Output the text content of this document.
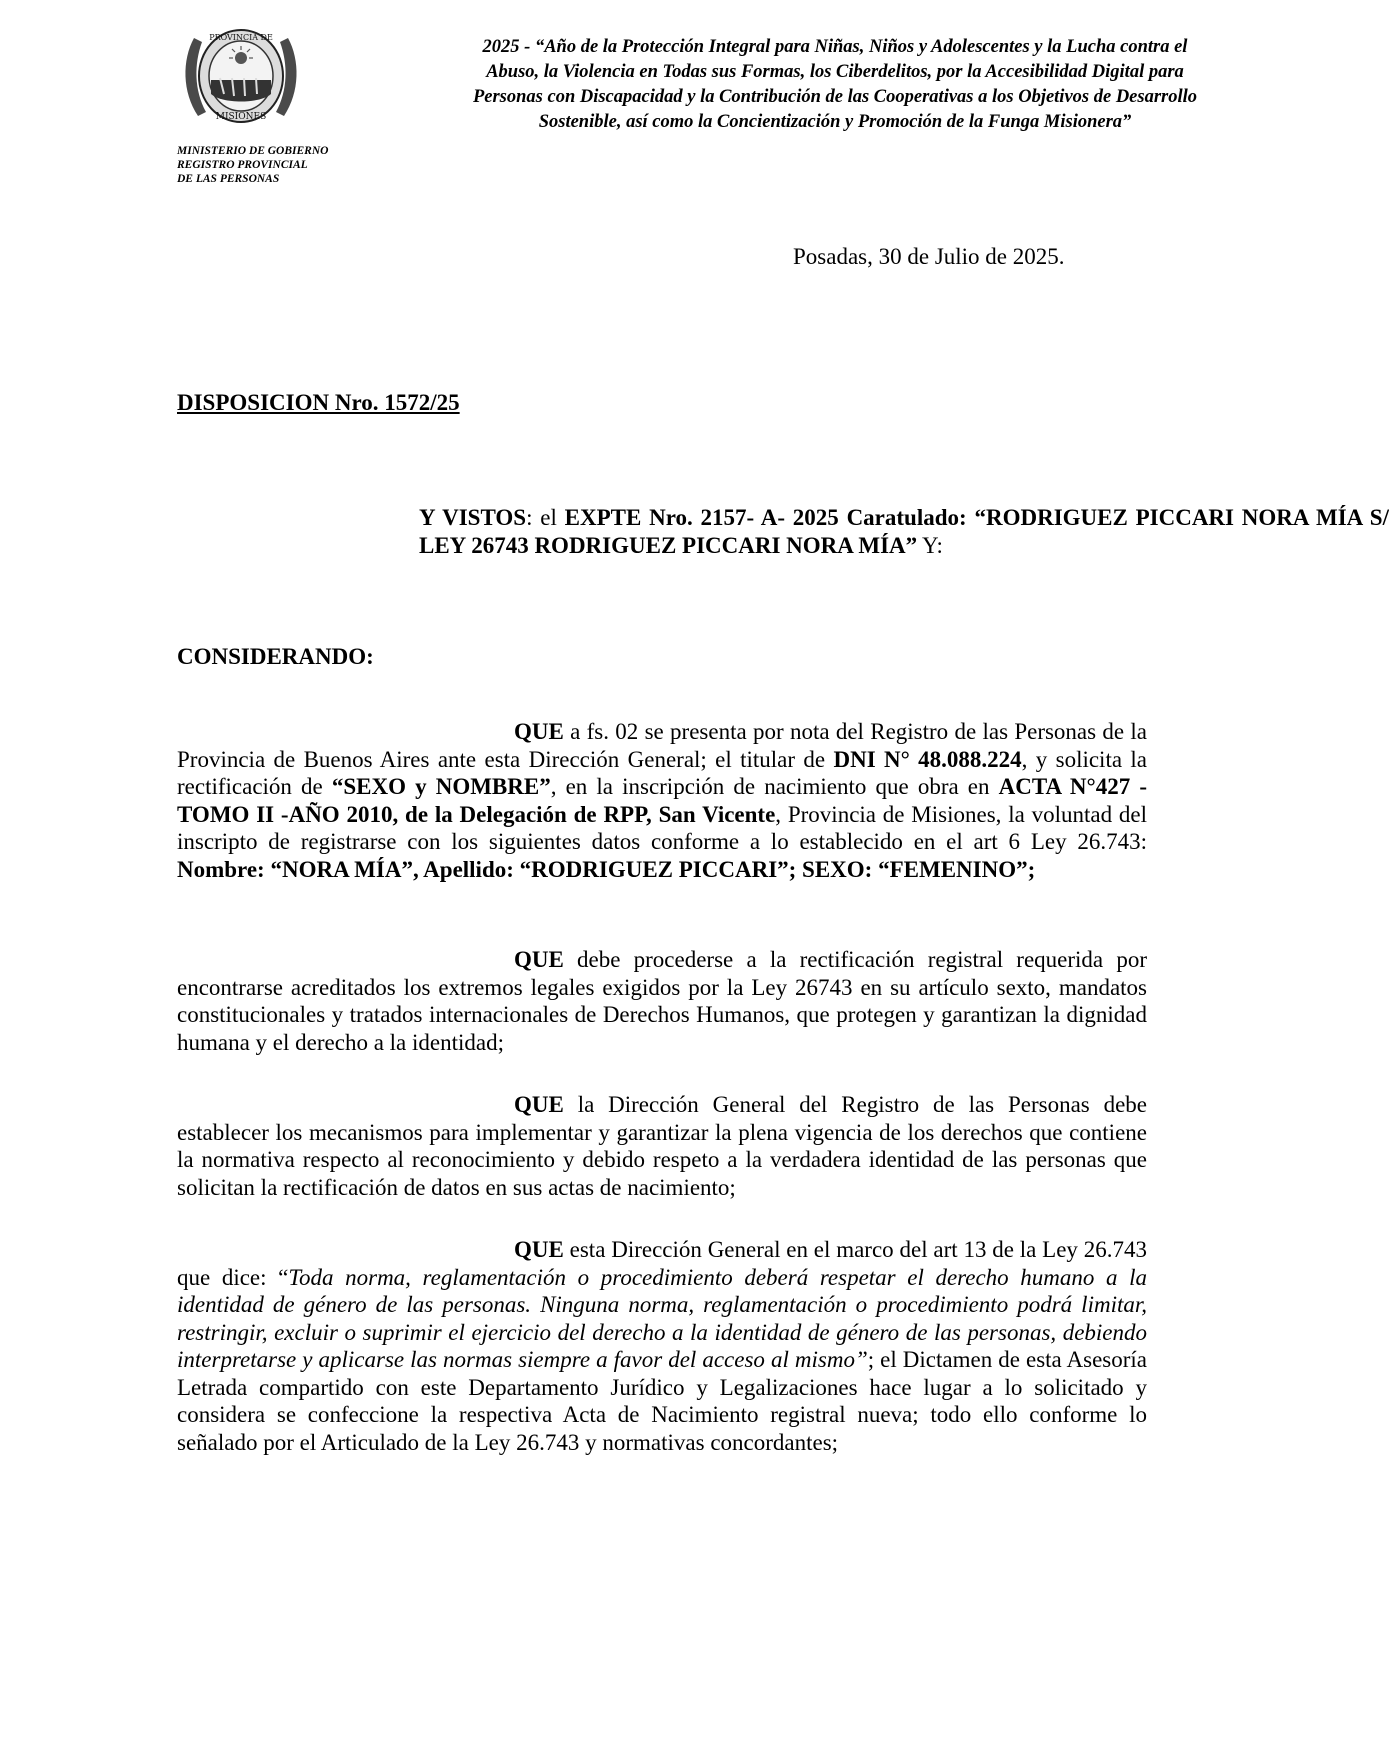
PROVINCIA DE
MISIONES
MINISTERIO DE GOBIERNO
REGISTRO PROVINCIAL
DE LAS PERSONAS
2025 - “Año de la Protección Integral para Niñas, Niños y Adolescentes y la Lucha contra el Abuso, la Violencia en Todas sus Formas, los Ciberdelitos, por la Accesibilidad Digital para Personas con Discapacidad y la Contribución de las Cooperativas a los Objetivos de Desarrollo Sostenible, así como la Concientización y Promoción de la Funga Misionera”
Posadas, 30 de Julio de 2025.
DISPOSICION Nro. 1572/25
Y VISTOS: el EXPTE Nro. 2157- A- 2025 Caratulado: “RODRIGUEZ PICCARI NORA MÍA S/ LEY 26743 RODRIGUEZ PICCARI NORA MÍA” Y:
CONSIDERANDO:
QUE a fs. 02 se presenta por nota del Registro de las Personas de la Provincia de Buenos Aires ante esta Dirección General; el titular de DNI N° 48.088.224, y solicita la rectificación de “SEXO y NOMBRE”, en la inscripción de nacimiento que obra en ACTA N°427 - TOMO II -AÑO 2010, de la Delegación de RPP, San Vicente, Provincia de Misiones, la voluntad del inscripto de registrarse con los siguientes datos conforme a lo establecido en el art 6 Ley 26.743: Nombre: “NORA MÍA”, Apellido: “RODRIGUEZ PICCARI”; SEXO: “FEMENINO”;
QUE debe procederse a la rectificación registral requerida por encontrarse acreditados los extremos legales exigidos por la Ley 26743 en su artículo sexto, mandatos constitucionales y tratados internacionales de Derechos Humanos, que protegen y garantizan la dignidad humana y el derecho a la identidad;
QUE la Dirección General del Registro de las Personas debe establecer los mecanismos para implementar y garantizar la plena vigencia de los derechos que contiene la normativa respecto al reconocimiento y debido respeto a la verdadera identidad de las personas que solicitan la rectificación de datos en sus actas de nacimiento;
QUE esta Dirección General en el marco del art 13 de la Ley 26.743 que dice: “Toda norma, reglamentación o procedimiento deberá respetar el derecho humano a la identidad de género de las personas. Ninguna norma, reglamentación o procedimiento podrá limitar, restringir, excluir o suprimir el ejercicio del derecho a la identidad de género de las personas, debiendo interpretarse y aplicarse las normas siempre a favor del acceso al mismo”; el Dictamen de esta Asesoría Letrada compartido con este Departamento Jurídico y Legalizaciones hace lugar a lo solicitado y considera se confeccione la respectiva Acta de Nacimiento registral nueva; todo ello conforme lo señalado por el Articulado de la Ley 26.743 y normativas concordantes;
